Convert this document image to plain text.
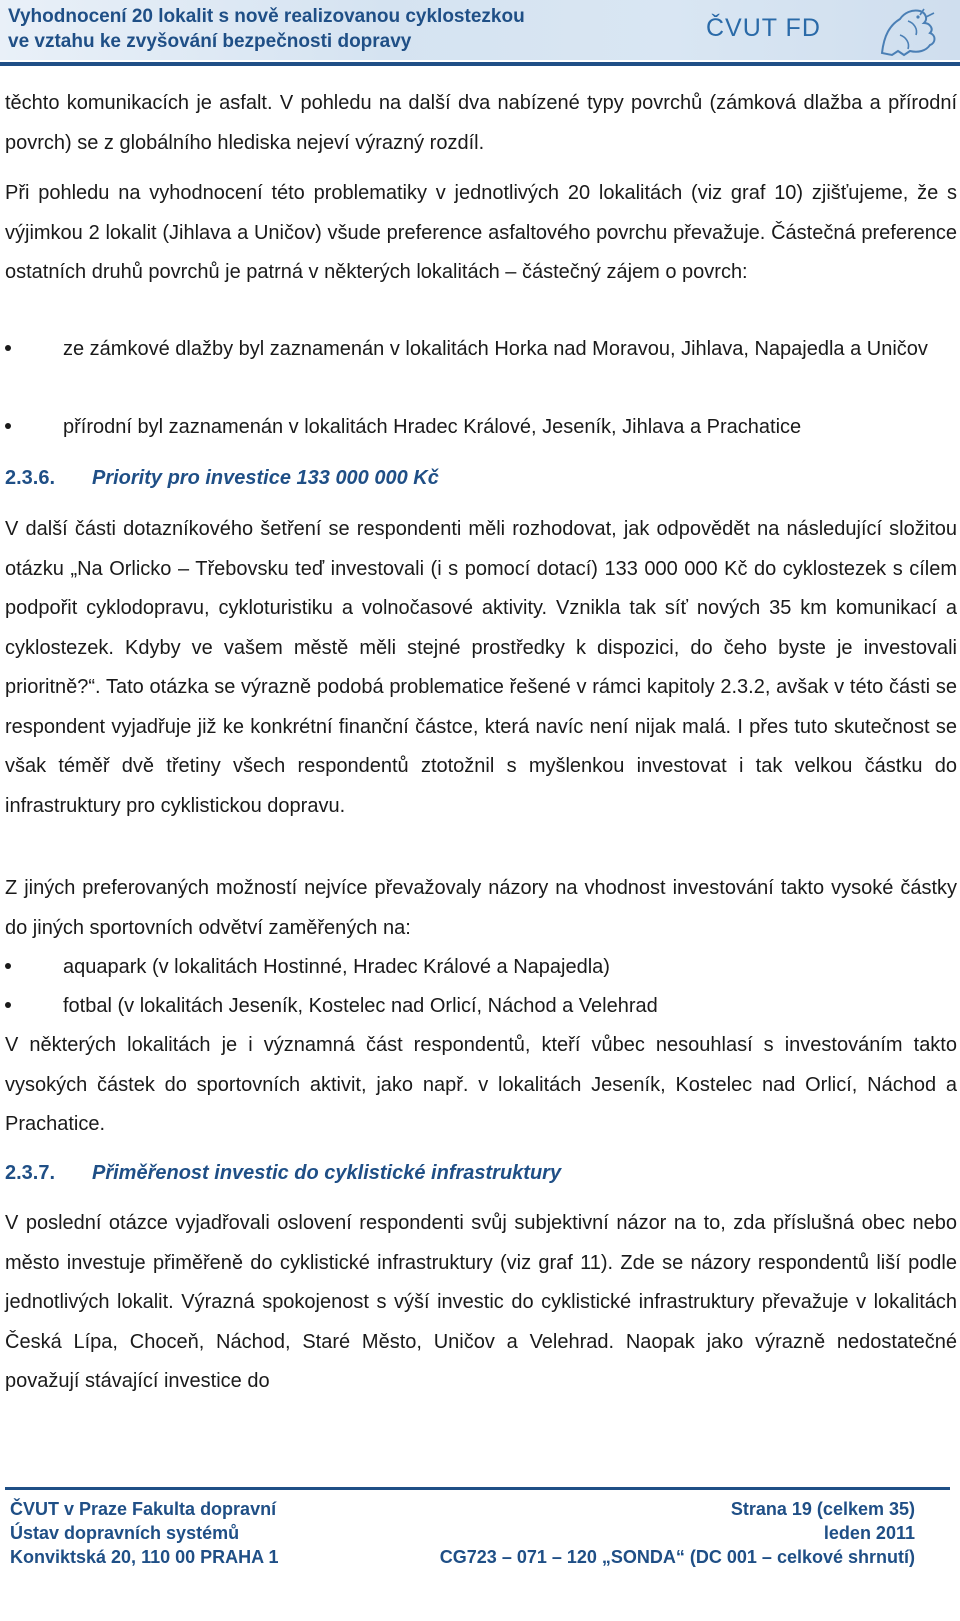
Vyhodnocení 20 lokalit s nově realizovanou cyklostezkou
ve vztahu ke zvyšování bezpečnosti dopravy	ČVUT FD

těchto komunikacích je asfalt. V pohledu na další dva nabízené typy povrchů (zámková dlažba a přírodní povrch) se z globálního hlediska nejeví výrazný rozdíl.

Při pohledu na vyhodnocení této problematiky v jednotlivých 20 lokalitách (viz graf 10) zjišťujeme, že s výjimkou 2 lokalit (Jihlava a Uničov) všude preference asfaltového povrchu převažuje. Částečná preference ostatních druhů povrchů je patrná v některých lokalitách – částečný zájem o povrch:

ze zámkové dlažby byl zaznamenán v lokalitách Horka nad Moravou, Jihlava, Napajedla a Uničov
přírodní byl zaznamenán v lokalitách Hradec Králové, Jeseník, Jihlava a Prachatice
2.3.6. Priority pro investice 133 000 000 Kč

V další části dotazníkového šetření se respondenti měli rozhodovat, jak odpovědět na následující složitou otázku „Na Orlicko – Třebovsku teď investovali (i s pomocí dotací) 133 000 000 Kč do cyklostezek s cílem podpořit cyklodopravu, cykloturistiku a volnočasové aktivity. Vznikla tak síť nových 35 km komunikací a cyklostezek. Kdyby ve vašem městě měli stejné prostředky k dispozici, do čeho byste je investovali prioritně?“. Tato otázka se výrazně podobá problematice řešené v rámci kapitoly 2.3.2, avšak v této části se respondent vyjadřuje již ke konkrétní finanční částce, která navíc není nijak malá. I přes tuto skutečnost se však téměř dvě třetiny všech respondentů ztotožnil s myšlenkou investovat i tak velkou částku do infrastruktury pro cyklistickou dopravu.

Z jiných preferovaných možností nejvíce převažovaly názory na vhodnost investování takto vysoké částky do jiných sportovních odvětví zaměřených na:

aquapark (v lokalitách Hostinné, Hradec Králové a Napajedla)
fotbal (v lokalitách Jeseník, Kostelec nad Orlicí, Náchod a Velehrad

V některých lokalitách je i významná část respondentů, kteří vůbec nesouhlasí s investováním takto vysokých částek do sportovních aktivit, jako např. v lokalitách Jeseník, Kostelec nad Orlicí, Náchod a Prachatice.

2.3.7. Přiměřenost investic do cyklistické infrastruktury

V poslední otázce vyjadřovali oslovení respondenti svůj subjektivní názor na to, zda příslušná obec nebo město investuje přiměřeně do cyklistické infrastruktury (viz graf 11). Zde se názory respondentů liší podle jednotlivých lokalit. Výrazná spokojenost s výší investic do cyklistické infrastruktury převažuje v lokalitách Česká Lípa, Choceň, Náchod, Staré Město, Uničov a Velehrad. Naopak jako výrazně nedostatečné považují stávající investice do

ČVUT v Praze Fakulta dopravní
Ústav dopravních systémů
Konviktská 20, 110 00 PRAHA 1
Strana 19 (celkem 35)
leden 2011
CG723 – 071 – 120 „SONDA“ (DC 001 – celkové shrnutí)
